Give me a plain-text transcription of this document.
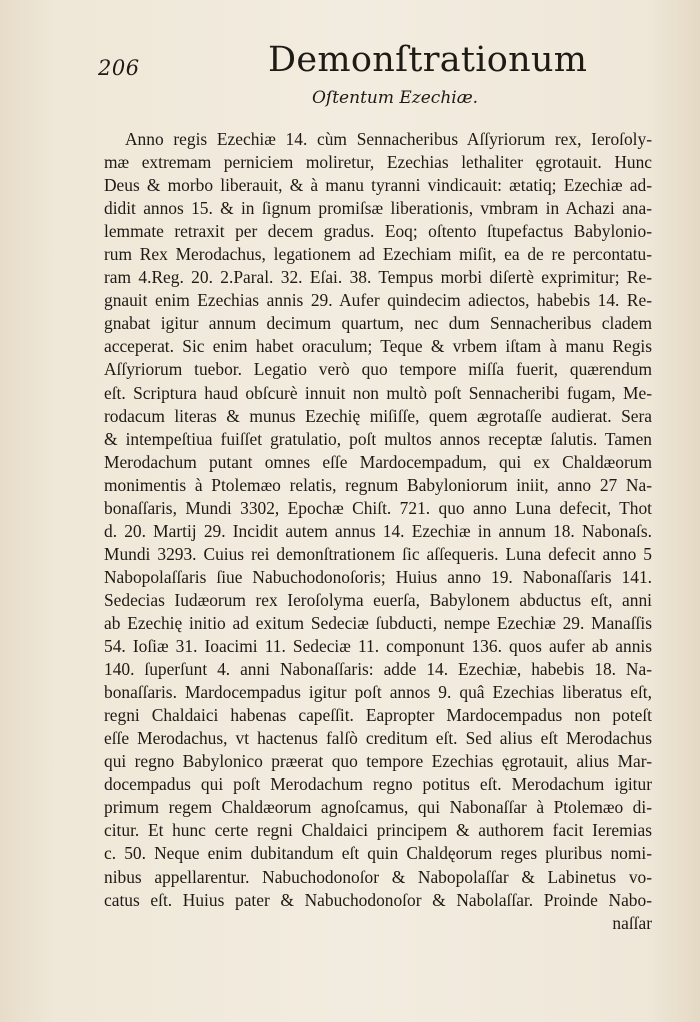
206	Demonſtrationum
Oſtentum Ezechiæ.
Anno regis Ezechiæ 14. cùm Sennacheribus Aſſyriorum rex, Ieroſoly-
mæ extremam perniciem moliretur, Ezechias lethaliter ęgrotauit. Hunc
Deus & morbo liberauit, & à manu tyranni vindicauit: ætatiq; Ezechiæ ad-
didit annos 15. & in ſignum promiſsæ liberationis, vmbram in Achazi ana-
lemmate retraxit per decem gradus. Eoq; oſtento ſtupefactus Babylonio-
rum Rex Merodachus, legationem ad Ezechiam miſit, ea de re percontatu-
ram 4.Reg. 20. 2.Paral. 32. Eſai. 38. Tempus morbi diſertè exprimitur; Re-
gnauit enim Ezechias annis 29. Aufer quindecim adiectos, habebis 14. Re-
gnabat igitur annum decimum quartum, nec dum Sennacheribus cladem
acceperat. Sic enim habet oraculum; Teque & vrbem iſtam à manu Regis
Aſſyriorum tuebor. Legatio verò quo tempore miſſa fuerit, quærendum
eſt. Scriptura haud obſcurè innuit non multò poſt Sennacheribi fugam, Me-
rodacum literas & munus Ezechię miſiſſe, quem ægrotaſſe audierat. Sera
& intempeſtiua fuiſſet gratulatio, poſt multos annos receptæ ſalutis. Tamen
Merodachum putant omnes eſſe Mardocempadum, qui ex Chaldæorum
monimentis à Ptolemæo relatis, regnum Babyloniorum iniit, anno 27 Na-
bonaſſaris, Mundi 3302, Epochæ Chiſt. 721. quo anno Luna defecit, Thot
d. 20. Martij 29. Incidit autem annus 14. Ezechiæ in annum 18. Nabonaſs.
Mundi 3293. Cuius rei demonſtrationem ſic aſſequeris. Luna defecit anno 5
Nabopolaſſaris ſiue Nabuchodonoſoris; Huius anno 19. Nabonaſſaris 141.
Sedecias Iudæorum rex Ieroſolyma euerſa, Babylonem abductus eſt, anni
ab Ezechię initio ad exitum Sedeciæ ſubducti, nempe Ezechiæ 29. Manaſſis
54. Ioſiæ 31. Ioacimi 11. Sedeciæ 11. componunt 136. quos aufer ab annis
140. ſuperſunt 4. anni Nabonaſſaris: adde 14. Ezechiæ, habebis 18. Na-
bonaſſaris. Mardocempadus igitur poſt annos 9. quâ Ezechias liberatus eſt,
regni Chaldaici habenas capeſſit. Eapropter Mardocempadus non poteſt
eſſe Merodachus, vt hactenus falſò creditum eſt. Sed alius eſt Merodachus
qui regno Babylonico præerat quo tempore Ezechias ęgrotauit, alius Mar-
docempadus qui poſt Merodachum regno potitus eſt. Merodachum igitur
primum regem Chaldæorum agnoſcamus, qui Nabonaſſar à Ptolemæo di-
citur. Et hunc certe regni Chaldaici principem & authorem facit Ieremias
c. 50. Neque enim dubitandum eſt quin Chaldęorum reges pluribus nomi-
nibus appellarentur. Nabuchodonoſor & Nabopolaſſar & Labinetus vo-
catus eſt. Huius pater & Nabuchodonoſor & Nabolaſſar. Proinde Nabo-
naſſar
